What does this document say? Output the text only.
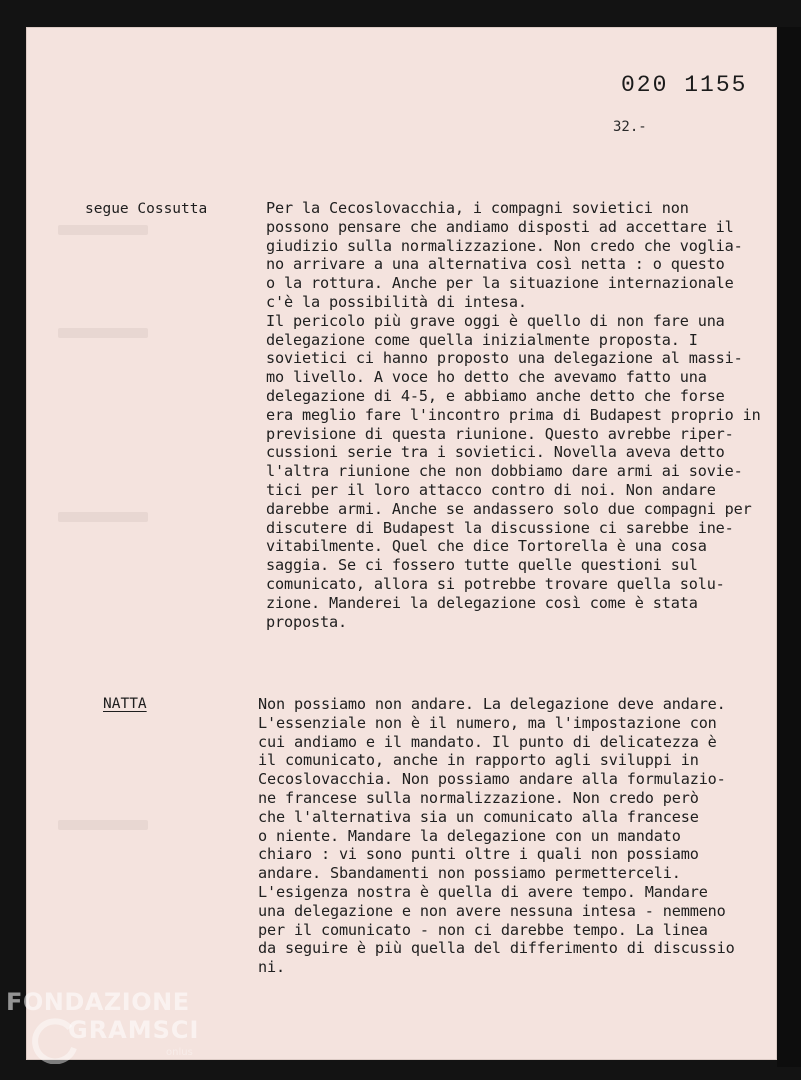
020 1155
32.-
segue Cossutta	Per la Cecoslovacchia, i compagni sovietici non
possono pensare che andiamo disposti ad accettare il
giudizio sulla normalizzazione. Non credo che voglia-
no arrivare a una alternativa così netta : o questo
o la rottura. Anche per la situazione internazionale
c'è la possibilità di intesa.
Il pericolo più grave oggi è quello di non fare una
delegazione come quella inizialmente proposta. I
sovietici ci hanno proposto una delegazione al massi-
mo livello. A voce ho detto che avevamo fatto una
delegazione di 4-5, e abbiamo anche detto che forse
era meglio fare l'incontro prima di Budapest proprio in
previsione di questa riunione. Questo avrebbe riper-
cussioni serie tra i sovietici. Novella aveva detto
l'altra riunione che non dobbiamo dare armi ai sovie-
tici per il loro attacco contro di noi. Non andare
darebbe armi. Anche se andassero solo due compagni per
discutere di Budapest la discussione ci sarebbe ine-
vitabilmente. Quel che dice Tortorella è una cosa
saggia. Se ci fossero tutte quelle questioni sul
comunicato, allora si potrebbe trovare quella solu-
zione. Manderei la delegazione così come è stata
proposta.
NATTA	Non possiamo non andare. La delegazione deve andare.
L'essenziale non è il numero, ma l'impostazione con
cui andiamo e il mandato. Il punto di delicatezza è
il comunicato, anche in rapporto agli sviluppi in
Cecoslovacchia. Non possiamo andare alla formulazio-
ne francese sulla normalizzazione. Non credo però
che l'alternativa sia un comunicato alla francese
o niente. Mandare la delegazione con un mandato
chiaro : vi sono punti oltre i quali non possiamo
andare. Sbandamenti non possiamo permetterceli.
L'esigenza nostra è quella di avere tempo. Mandare
una delegazione e non avere nessuna intesa - nemmeno
per il comunicato - non ci darebbe tempo. La linea
da seguire è più quella del differimento di discussio
ni.
FONDAZIONE
GRAMSCI
onlus
